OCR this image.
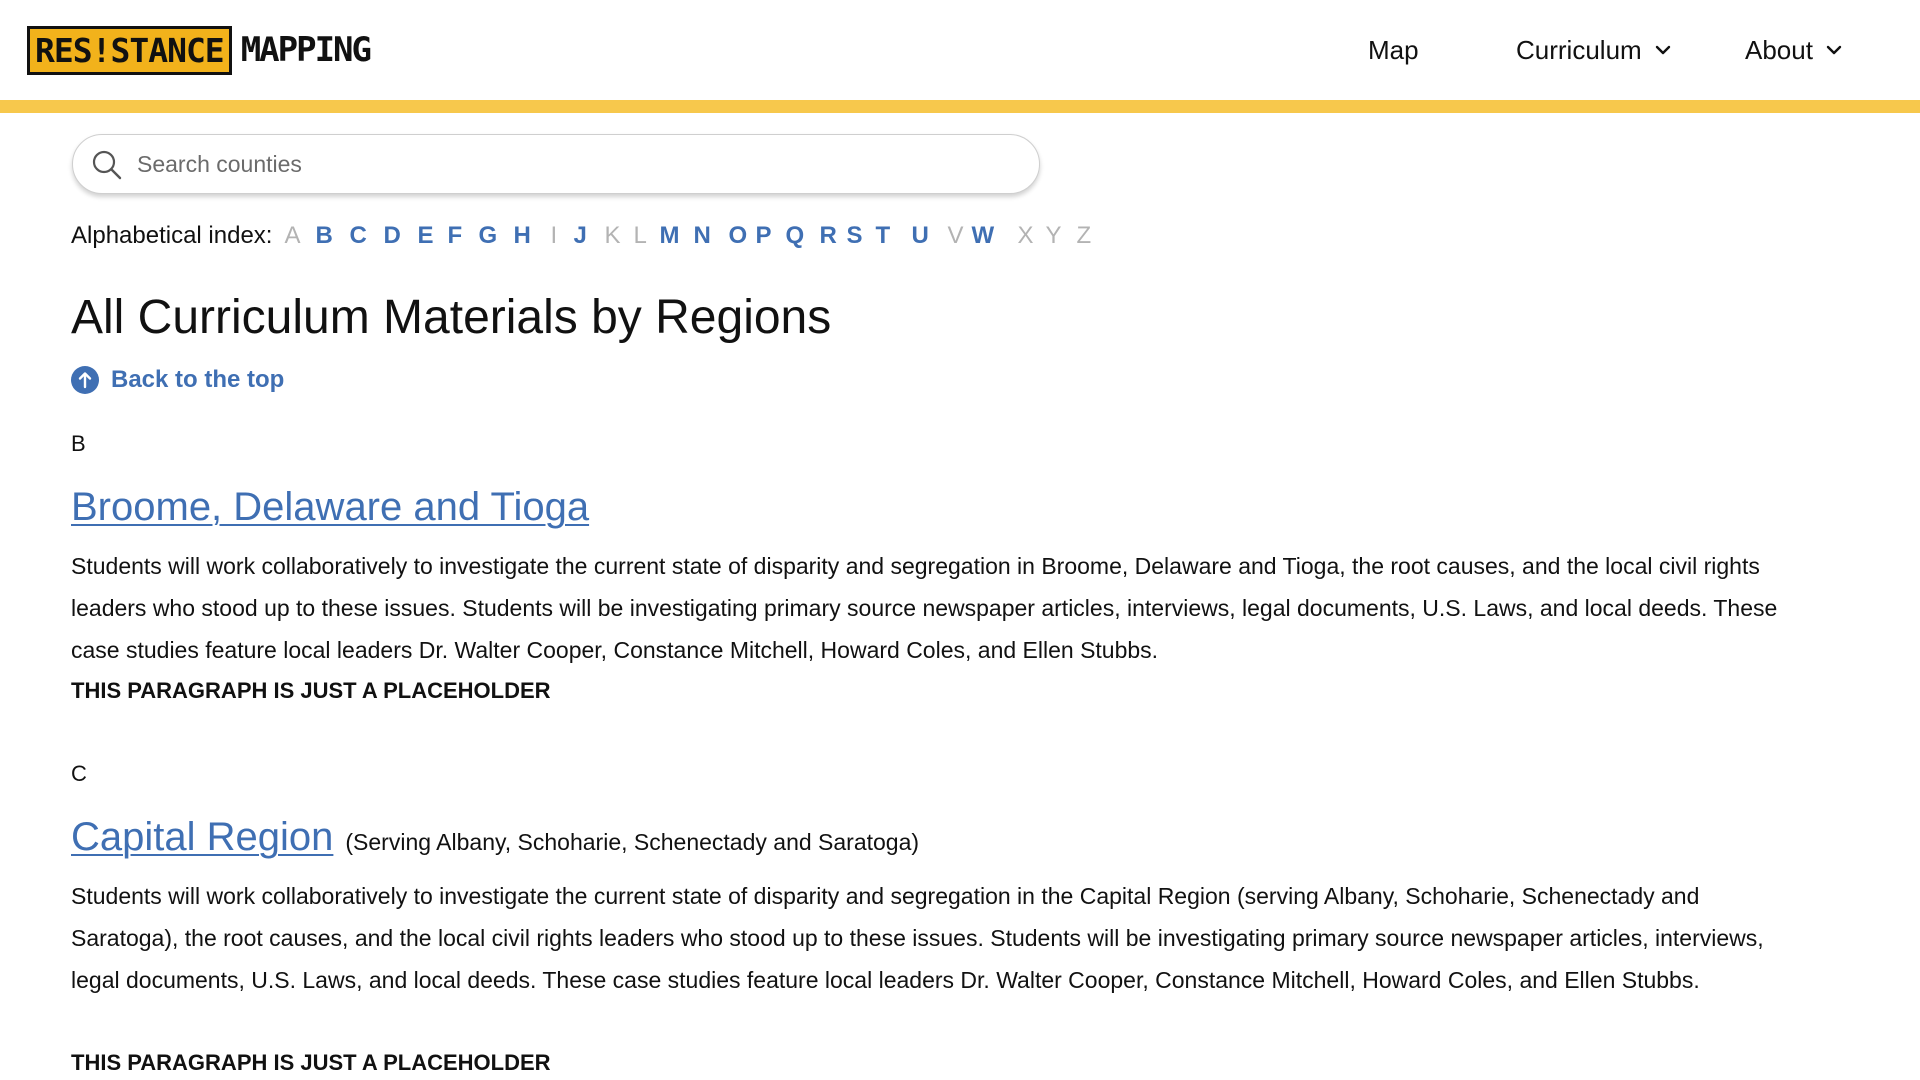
RES!STANCE MAPPING	Map	Curriculum	About
Search counties
Alphabetical index: A B C D E F G H I J K L M N O P Q R S T U V W X Y Z
All Curriculum Materials by Regions
Back to the top
B
Broome, Delaware and Tioga

Students will work collaboratively to investigate the current state of disparity and segregation in Broome, Delaware and Tioga, the root causes, and the local civil rights leaders who stood up to these issues. Students will be investigating primary source newspaper articles, interviews, legal documents, U.S. Laws, and local deeds. These case studies feature local leaders Dr. Walter Cooper, Constance Mitchell, Howard Coles, and Ellen Stubbs.

THIS PARAGRAPH IS JUST A PLACEHOLDER
C
Capital Region (Serving Albany, Schoharie, Schenectady and Saratoga)

Students will work collaboratively to investigate the current state of disparity and segregation in the Capital Region (serving Albany, Schoharie, Schenectady and Saratoga), the root causes, and the local civil rights leaders who stood up to these issues. Students will be investigating primary source newspaper articles, interviews, legal documents, U.S. Laws, and local deeds. These case studies feature local leaders Dr. Walter Cooper, Constance Mitchell, Howard Coles, and Ellen Stubbs.

THIS PARAGRAPH IS JUST A PLACEHOLDER
